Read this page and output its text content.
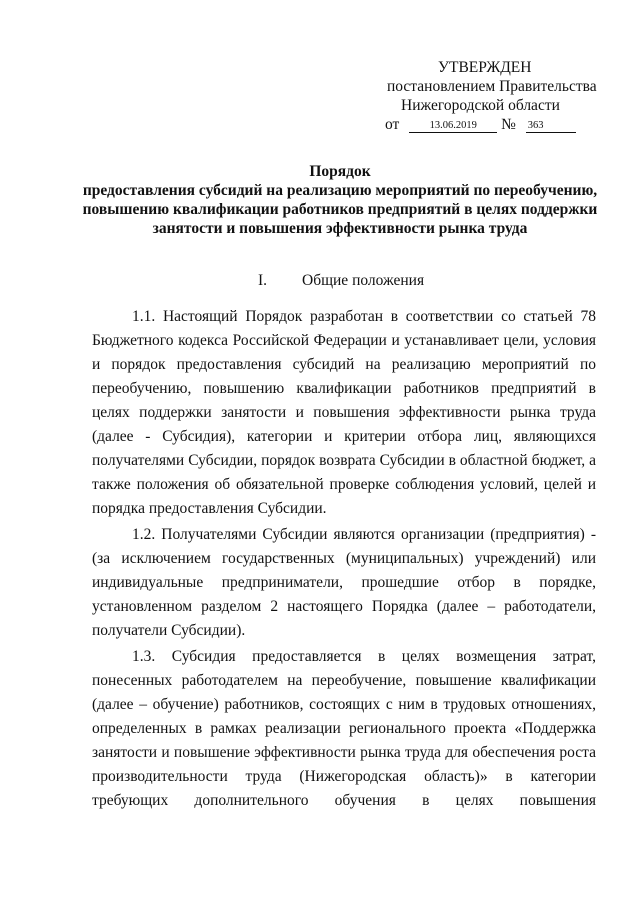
УТВЕРЖДЕН
постановлением Правительства
Нижегородской области
от	13.06.2019 № 363
Порядок
предоставления субсидий на реализацию мероприятий по переобучению,
повышению квалификации работников предприятий в целях поддержки
занятости и повышения эффективности рынка труда
I. Общие положения

1.1. Настоящий Порядок разработан в соответствии со статьей 78 Бюджетного кодекса Российской Федерации и устанавливает цели, условия и порядок предоставления субсидий на реализацию мероприятий по переобучению, повышению квалификации работников предприятий в целях поддержки занятости и повышения эффективности рынка труда (далее - Субсидия), категории и критерии отбора лиц, являющихся получателями Субсидии, порядок возврата Субсидии в областной бюджет, а также положения об обязательной проверке соблюдения условий, целей и порядка предоставления Субсидии.

1.2. Получателями Субсидии являются организации (предприятия) - (за исключением государственных (муниципальных) учреждений) или индивидуальные предприниматели, прошедшие отбор в порядке, установленном разделом 2 настоящего Порядка (далее – работодатели, получатели Субсидии).

1.3. Субсидия предоставляется в целях возмещения затрат, понесенных работодателем на переобучение, повышение квалификации (далее – обучение) работников, состоящих с ним в трудовых отношениях, определенных в рамках реализации регионального проекта «Поддержка занятости и повышение эффективности рынка труда для обеспечения роста производительности труда (Нижегородская область)» в категории требующих дополнительного обучения в целях повышения
